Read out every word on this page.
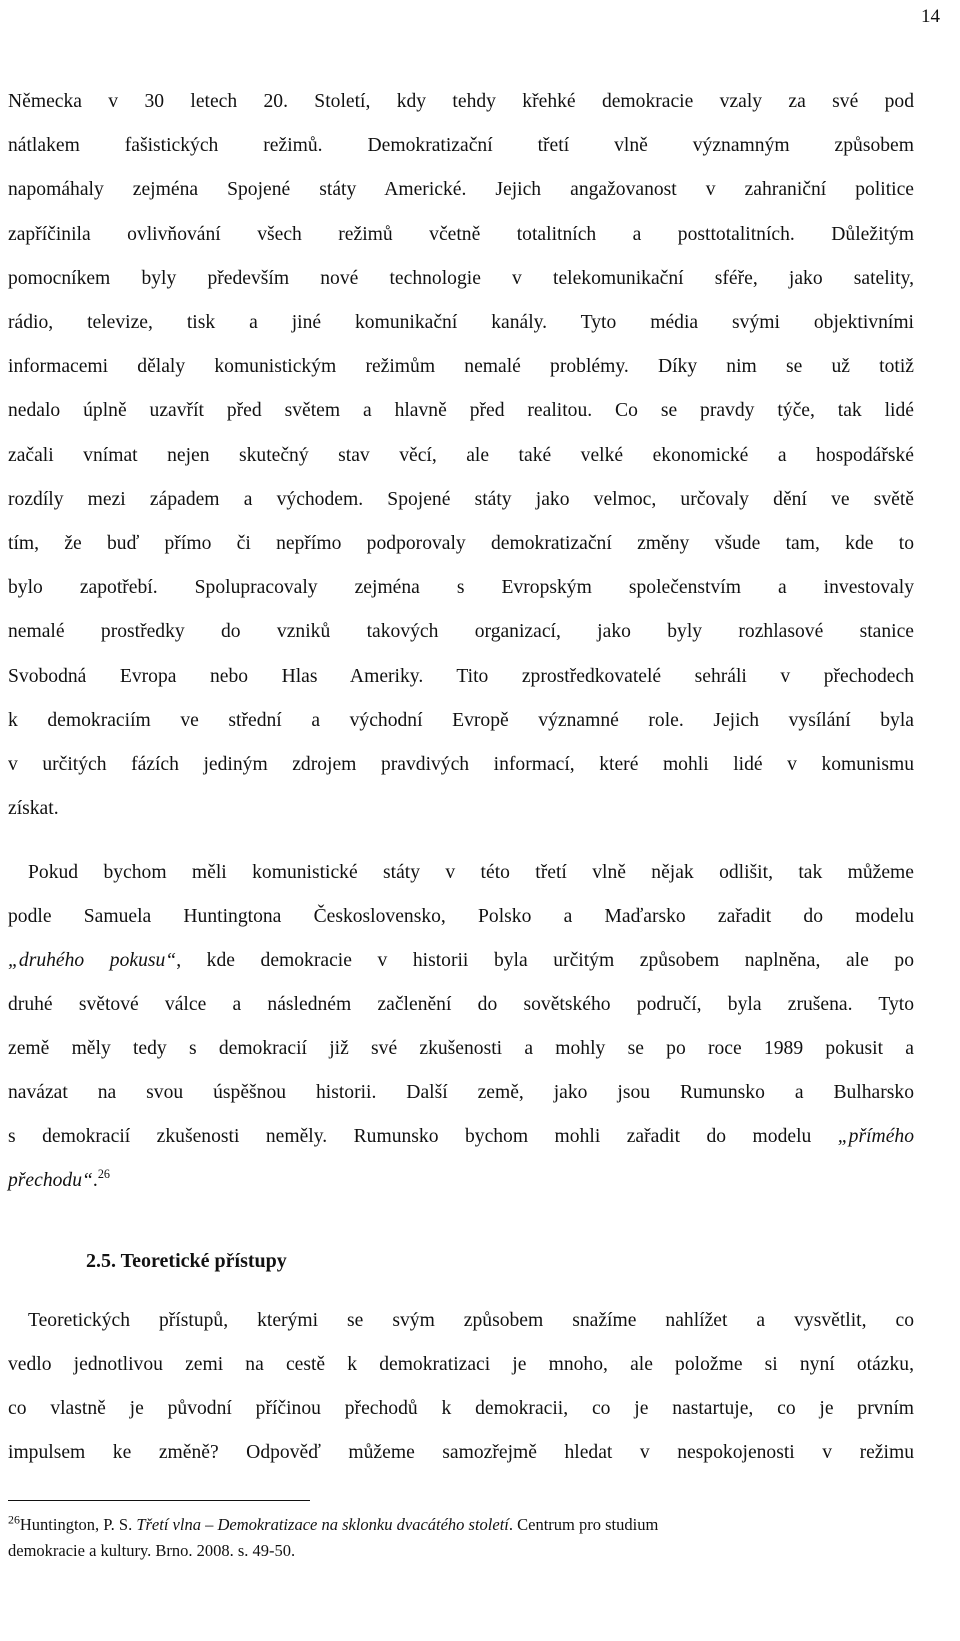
14
Německa v 30 letech 20. Století, kdy tehdy křehké demokracie vzaly za své pod
nátlakem fašistických režimů. Demokratizační třetí vlně významným způsobem
napomáhaly zejména Spojené státy Americké. Jejich angažovanost v zahraniční politice
zapříčinila ovlivňování všech režimů včetně totalitních a posttotalitních. Důležitým
pomocníkem byly především nové technologie v telekomunikační sféře, jako satelity,
rádio, televize, tisk a jiné komunikační kanály. Tyto média svými objektivními
informacemi dělaly komunistickým režimům nemalé problémy. Díky nim se už totiž
nedalo úplně uzavřít před světem a hlavně před realitou. Co se pravdy týče, tak lidé
začali vnímat nejen skutečný stav věcí, ale také velké ekonomické a hospodářské
rozdíly mezi západem a východem. Spojené státy jako velmoc, určovaly dění ve světě
tím, že buď přímo či nepřímo podporovaly demokratizační změny všude tam, kde to
bylo zapotřebí. Spolupracovaly zejména s Evropským společenstvím a investovaly
nemalé prostředky do vzniků takových organizací, jako byly rozhlasové stanice
Svobodná Evropa nebo Hlas Ameriky. Tito zprostředkovatelé sehráli v přechodech
k demokraciím ve střední a východní Evropě významné role. Jejich vysílání byla
v určitých fázích jediným zdrojem pravdivých informací, které mohli lidé v komunismu
získat.
Pokud bychom měli komunistické státy v této třetí vlně nějak odlišit, tak můžeme
podle Samuela Huntingtona Československo, Polsko a Maďarsko zařadit do modelu
„druhého pokusu“, kde demokracie v historii byla určitým způsobem naplněna, ale po
druhé světové válce a následném začlenění do sovětského područí, byla zrušena. Tyto
země měly tedy s demokracií již své zkušenosti a mohly se po roce 1989 pokusit a
navázat na svou úspěšnou historii. Další země, jako jsou Rumunsko a Bulharsko
s demokracií zkušenosti neměly. Rumunsko bychom mohli zařadit do modelu „přímého
přechodu“.$^{26}$
2.5. Teoretické přístupy
Teoretických přístupů, kterými se svým způsobem snažíme nahlížet a vysvětlit, co
vedlo jednotlivou zemi na cestě k demokratizaci je mnoho, ale položme si nyní otázku,
co vlastně je původní příčinou přechodů k demokracii, co je nastartuje, co je prvním
impulsem ke změně? Odpověď můžeme samozřejmě hledat v nespokojenosti v režimu
$^{26}$Huntington, P. S. Třetí vlna – Demokratizace na sklonku dvacátého století. Centrum pro studium
demokracie a kultury. Brno. 2008. s. 49-50.
